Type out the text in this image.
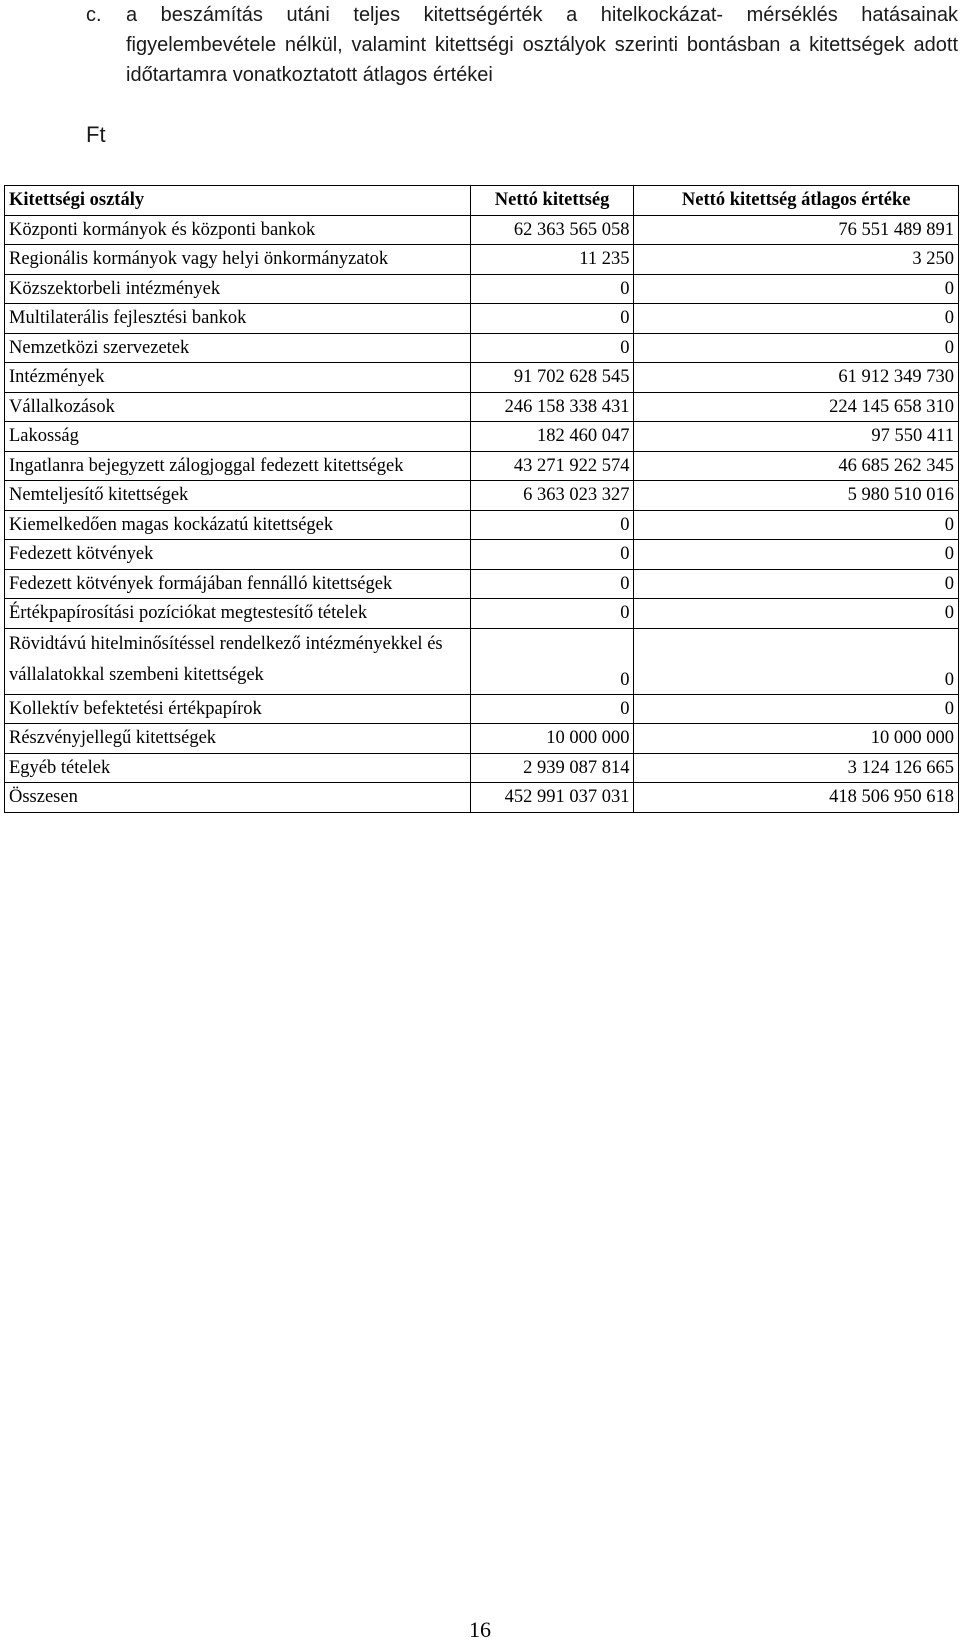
c. a beszámítás utáni teljes kitettségérték a hitelkockázat- mérséklés hatásainak figyelembevétele nélkül, valamint kitettségi osztályok szerinti bontásban a kitettségek adott időtartamra vonatkoztatott átlagos értékei
Ft
Kitettségi osztály	Nettó kitettség	Nettó kitettség átlagos értéke
Központi kormányok és központi bankok	62 363 565 058	76 551 489 891
Regionális kormányok vagy helyi önkormányzatok	11 235	3 250
Közszektorbeli intézmények	0	0
Multilaterális fejlesztési bankok	0	0
Nemzetközi szervezetek	0	0
Intézmények	91 702 628 545	61 912 349 730
Vállalkozások	246 158 338 431	224 145 658 310
Lakosság	182 460 047	97 550 411
Ingatlanra bejegyzett zálogjoggal fedezett kitettségek	43 271 922 574	46 685 262 345
Nemteljesítő kitettségek	6 363 023 327	5 980 510 016
Kiemelkedően magas kockázatú kitettségek	0	0
Fedezett kötvények	0	0
Fedezett kötvények formájában fennálló kitettségek	0	0
Értékpapírosítási pozíciókat megtestesítő tételek	0	0
Rövidtávú hitelminősítéssel rendelkező intézményekkel és vállalatokkal szembeni kitettségek	0	0
Kollektív befektetési értékpapírok	0	0
Részvényjellegű kitettségek	10 000 000	10 000 000
Egyéb tételek	2 939 087 814	3 124 126 665
Összesen	452 991 037 031	418 506 950 618
16
